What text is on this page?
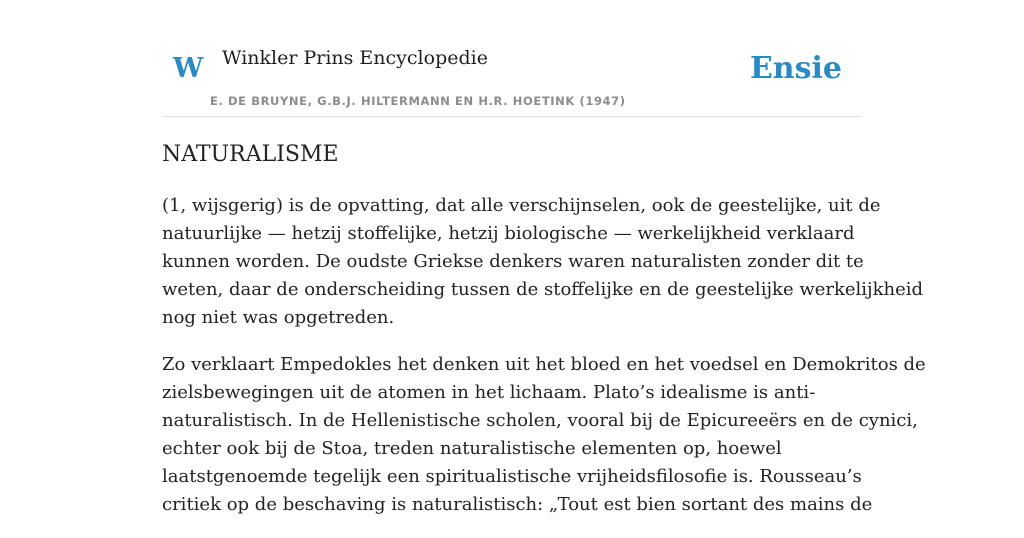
W Winkler Prins Encyclopedie
E. DE BRUYNE, G.B.J. HILTERMANN EN H.R. HOETINK (1947)
Ensie
NATURALISME

(1, wijsgerig) is de opvatting, dat alle verschijnselen, ook de geestelijke, uit de
natuurlijke — hetzij stoffelijke, hetzij biologische — werkelijkheid verklaard
kunnen worden. De oudste Griekse denkers waren naturalisten zonder dit te
weten, daar de onderscheiding tussen de stoffelijke en de geestelijke werkelijkheid
nog niet was opgetreden.

Zo verklaart Empedokles het denken uit het bloed en het voedsel en Demokritos de
zielsbewegingen uit de atomen in het lichaam. Plato’s idealisme is anti-
naturalistisch. In de Hellenistische scholen, vooral bij de Epicureeërs en de cynici,
echter ook bij de Stoa, treden naturalistische elementen op, hoewel
laatstgenoemde tegelijk een spiritualistische vrijheidsfilosofie is. Rousseau’s
critiek op de beschaving is naturalistisch: „Tout est bien sortant des mains de
